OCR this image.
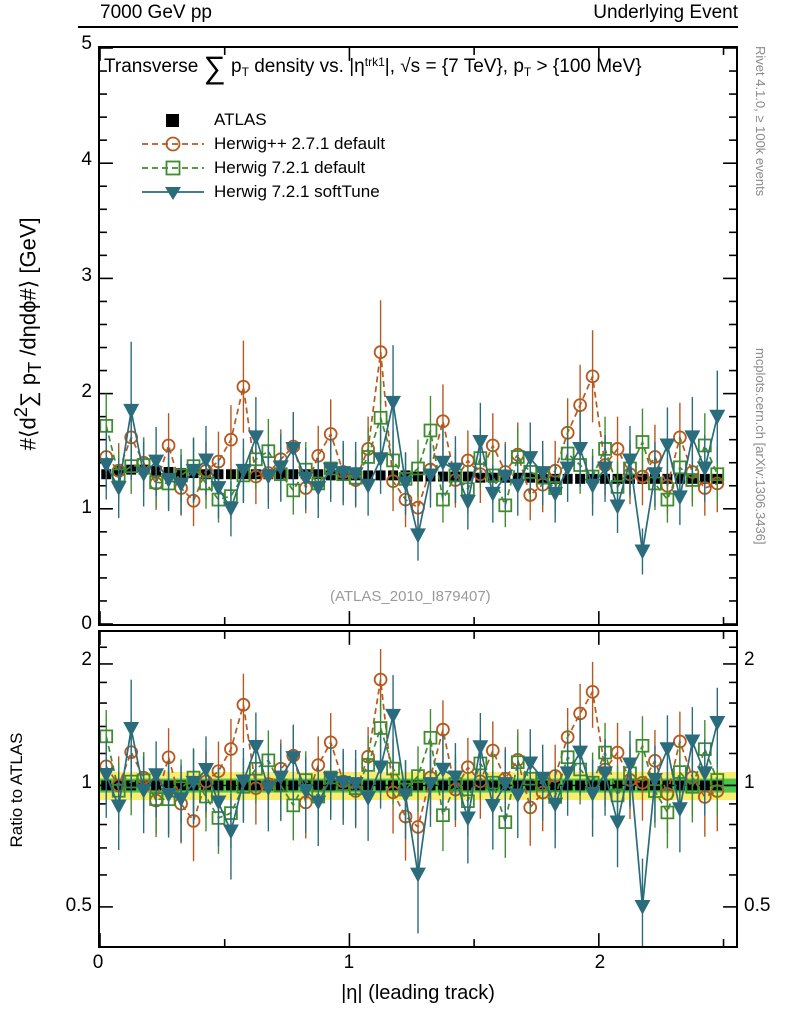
7000 GeV pp	Underlying Event
$\#⟨d^2\sum$ $p_T$ /dηdϕ#⟩ [GeV]
Ratio to ATLAS
|η| (leading track)
Rivet 4.1.0, ≥ 100k events
mcplots.cern.ch [arXiv:1306.3436]
Transverse ∑ $p_T$ density vs. $|\eta^{trk1}|$, √s = {7 TeV}, $p_T > \{100$ MeV}
ATLAS
Herwig++ 2.7.1 default
Herwig 7.2.1 default
Herwig 7.2.1 softTune
(ATLAS_2010_I879407)
0
1
2
3
4
5
0.5	0.5
1	1
2	2
0	1	2
